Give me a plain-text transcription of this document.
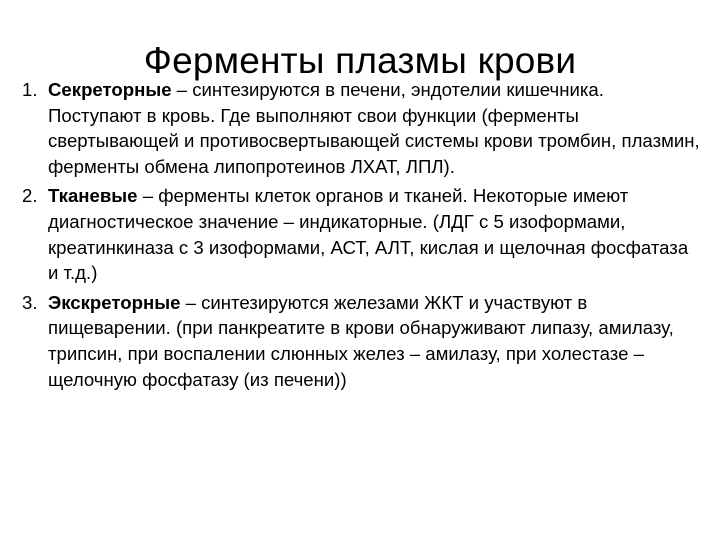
Ферменты плазмы крови
1. Секреторные – синтезируются в печени, эндотелии кишечника. Поступают в кровь. Где выполняют свои функции (ферменты свертывающей и противосвертывающей системы крови тромбин, плазмин, ферменты обмена липопротеинов ЛХАТ, ЛПЛ).
2. Тканевые – ферменты клеток органов и тканей. Некоторые имеют диагностическое значение – индикаторные. (ЛДГ с 5 изоформами, креатинкиназа с 3 изоформами, АСТ, АЛТ, кислая и щелочная фосфатаза и т.д.)
3. Экскреторные – синтезируются железами ЖКТ и участвуют в пищеварении. (при панкреатите в крови обнаруживают липазу, амилазу, трипсин, при воспалении слюнных желез – амилазу, при холестазе – щелочную фосфатазу (из печени))
